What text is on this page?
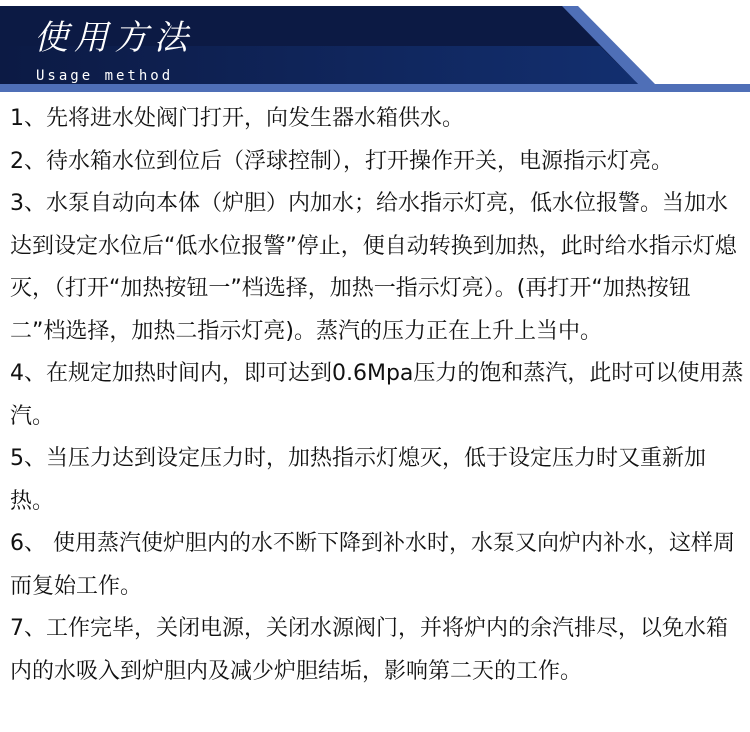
使用方法
Usage method

1、先将进水处阀门打开，向发生器水箱供水。

2、待水箱水位到位后（浮球控制），打开操作开关，电源指示灯亮。

3、水泵自动向本体（炉胆）内加水；给水指示灯亮，低水位报警。当加水达到设定水位后“低水位报警”停止，便自动转换到加热，此时给水指示灯熄灭，（打开“加热按钮一”档选择，加热一指示灯亮）。(再打开“加热按钮二”档选择，加热二指示灯亮)。蒸汽的压力正在上升上当中。

4、在规定加热时间内，即可达到0.6Mpa压力的饱和蒸汽，此时可以使用蒸汽。

5、当压力达到设定压力时，加热指示灯熄灭，低于设定压力时又重新加热。

6、 使用蒸汽使炉胆内的水不断下降到补水时，水泵又向炉内补水，这样周而复始工作。

7、工作完毕，关闭电源，关闭水源阀门，并将炉内的余汽排尽，以免水箱内的水吸入到炉胆内及减少炉胆结垢，影响第二天的工作。
